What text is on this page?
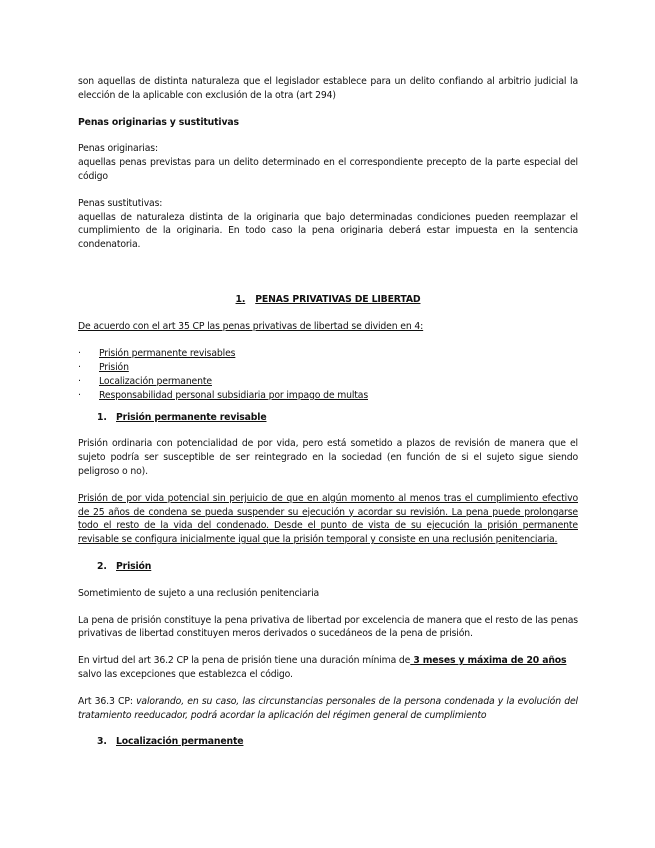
son aquellas de distinta naturaleza que el legislador establece para un delito confiando al arbitrio judicial la elección de la aplicable con exclusión de la otra (art 294)

Penas originarias y sustitutivas

Penas originarias:
aquellas penas previstas para un delito determinado en el correspondiente precepto de la parte especial del código

Penas sustitutivas:
aquellas de naturaleza distinta de la originaria que bajo determinadas condiciones pueden reemplazar el cumplimiento de la originaria. En todo caso la pena originaria deberá estar impuesta en la sentencia condenatoria.

1. PENAS PRIVATIVAS DE LIBERTAD

De acuerdo con el art 35 CP las penas privativas de libertad se dividen en 4:

· Prisión permanente revisables
· Prisión
· Localización permanente
· Responsabilidad personal subsidiaria por impago de multas

1. Prisión permanente revisable

Prisión ordinaria con potencialidad de por vida, pero está sometido a plazos de revisión de manera que el sujeto podría ser susceptible de ser reintegrado en la sociedad (en función de si el sujeto sigue siendo peligroso o no).

Prisión de por vida potencial sin perjuicio de que en algún momento al menos tras el cumplimiento efectivo de 25 años de condena se pueda suspender su ejecución y acordar su revisión. La pena puede prolongarse todo el resto de la vida del condenado. Desde el punto de vista de su ejecución la prisión permanente revisable se configura inicialmente igual que la prisión temporal y consiste en una reclusión penitenciaria.

2. Prisión

Sometimiento de sujeto a una reclusión penitenciaria

La pena de prisión constituye la pena privativa de libertad por excelencia de manera que el resto de las penas privativas de libertad constituyen meros derivados o sucedáneos de la pena de prisión.

En virtud del art 36.2 CP la pena de prisión tiene una duración mínima de 3 meses y máxima de 20 años
salvo las excepciones que establezca el código.

Art 36.3 CP: valorando, en su caso, las circunstancias personales de la persona condenada y la evolución del tratamiento reeducador, podrá acordar la aplicación del régimen general de cumplimiento

3. Localización permanente
